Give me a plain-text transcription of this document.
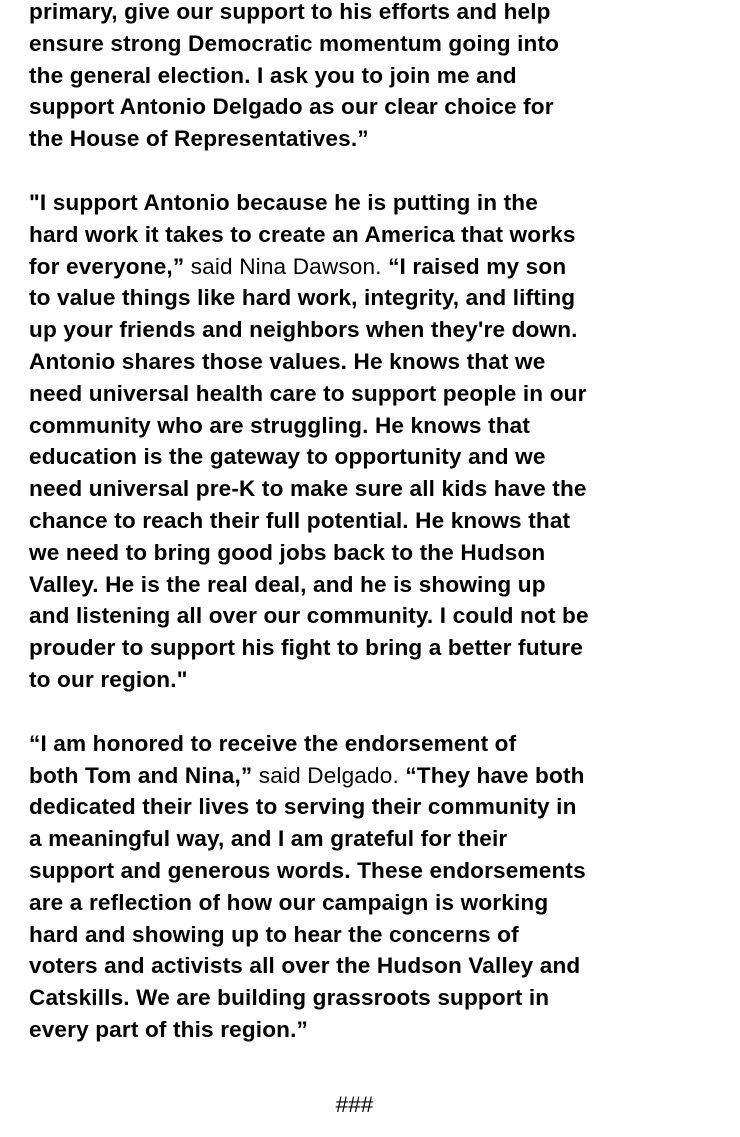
primary, give our support to his efforts and help
ensure strong Democratic momentum going into
the general election. I ask you to join me and
support Antonio Delgado as our clear choice for
the House of Representatives.”

"I support Antonio because he is putting in the
hard work it takes to create an America that works
for everyone,” said Nina Dawson. “I raised my son
to value things like hard work, integrity, and lifting
up your friends and neighbors when they're down.
Antonio shares those values. He knows that we
need universal health care to support people in our
community who are struggling. He knows that
education is the gateway to opportunity and we
need universal pre-K to make sure all kids have the
chance to reach their full potential. He knows that
we need to bring good jobs back to the Hudson
Valley. He is the real deal, and he is showing up
and listening all over our community. I could not be
prouder to support his fight to bring a better future
to our region."

“I am honored to receive the endorsement of
both Tom and Nina,” said Delgado. “They have both
dedicated their lives to serving their community in
a meaningful way, and I am grateful for their
support and generous words. These endorsements
are a reflection of how our campaign is working
hard and showing up to hear the concerns of
voters and activists all over the Hudson Valley and
Catskills. We are building grassroots support in
every part of this region.”

###
